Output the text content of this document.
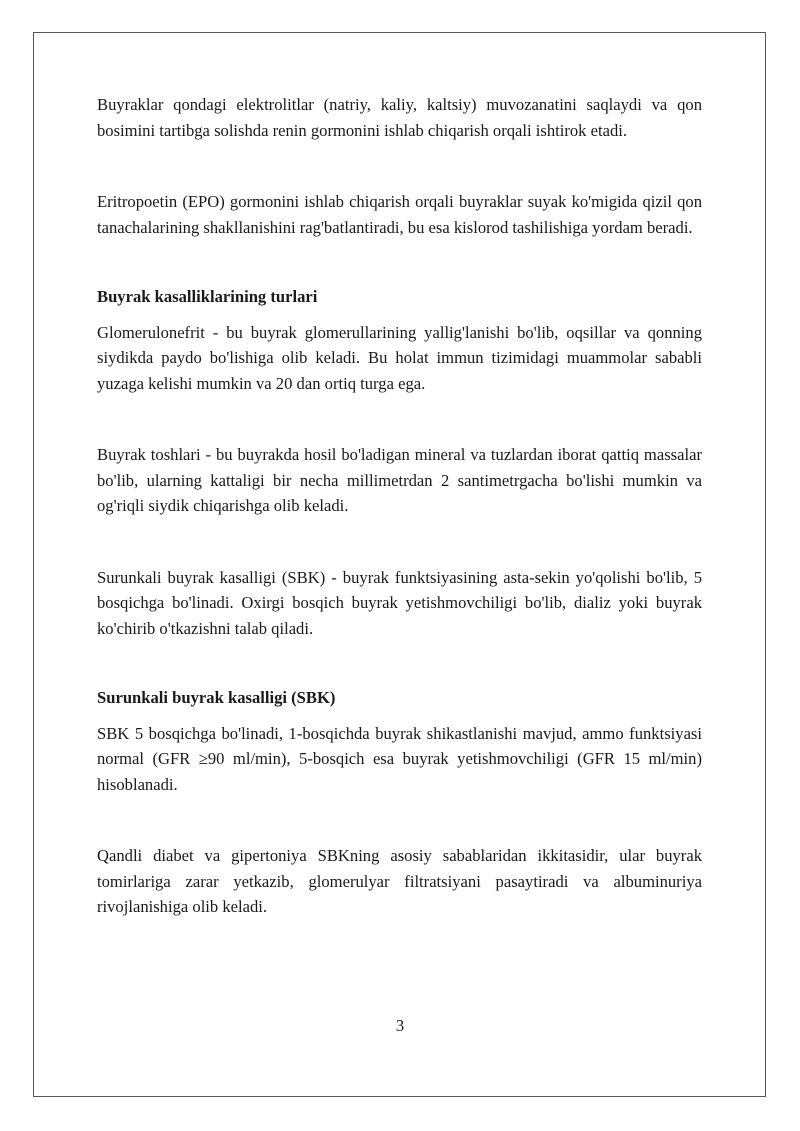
Buyraklar qondagi elektrolitlar (natriy, kaliy, kaltsiy) muvozanatini saqlaydi va qon bosimini tartibga solishda renin gormonini ishlab chiqarish orqali ishtirok etadi.

Eritropoetin (EPO) gormonini ishlab chiqarish orqali buyraklar suyak ko'migida qizil qon tanachalarining shakllanishini rag'batlantiradi, bu esa kislorod tashilishiga yordam beradi.

Buyrak kasalliklarining turlari

Glomerulonefrit - bu buyrak glomerullarining yallig'lanishi bo'lib, oqsillar va qonning siydikda paydo bo'lishiga olib keladi. Bu holat immun tizimidagi muammolar sababli yuzaga kelishi mumkin va 20 dan ortiq turga ega.

Buyrak toshlari - bu buyrakda hosil bo'ladigan mineral va tuzlardan iborat qattiq massalar bo'lib, ularning kattaligi bir necha millimetrdan 2 santimetrgacha bo'lishi mumkin va og'riqli siydik chiqarishga olib keladi.

Surunkali buyrak kasalligi (SBK) - buyrak funktsiyasining asta-sekin yo'qolishi bo'lib, 5 bosqichga bo'linadi. Oxirgi bosqich buyrak yetishmovchiligi bo'lib, dializ yoki buyrak ko'chirib o'tkazishni talab qiladi.

Surunkali buyrak kasalligi (SBK)

SBK 5 bosqichga bo'linadi, 1-bosqichda buyrak shikastlanishi mavjud, ammo funktsiyasi normal (GFR ≥90 ml/min), 5-bosqich esa buyrak yetishmovchiligi (GFR 15 ml/min) hisoblanadi.

Qandli diabet va gipertoniya SBKning asosiy sabablaridan ikkitasidir, ular buyrak tomirlariga zarar yetkazib, glomerulyar filtratsiyani pasaytiradi va albuminuriya rivojlanishiga olib keladi.

3
